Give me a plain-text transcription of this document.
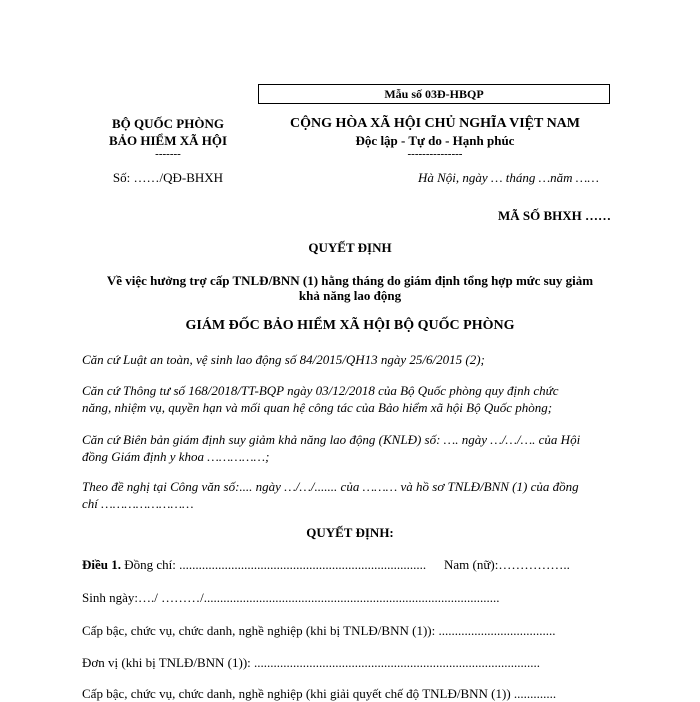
Mẫu số 03Đ-HBQP
BỘ QUỐC PHÒNG
BẢO HIỂM XÃ HỘI
-------
Số: ……/QĐ-BHXH
CỘNG HÒA XÃ HỘI CHỦ NGHĨA VIỆT NAM
Độc lập - Tự do - Hạnh phúc
---------------
Hà Nội, ngày … tháng …năm ……
MÃ SỐ BHXH ……
QUYẾT ĐỊNH
Về việc hưởng trợ cấp TNLĐ/BNN (1) hằng tháng do giám định tổng hợp mức suy giảm
khả năng lao động
GIÁM ĐỐC BẢO HIỂM XÃ HỘI BỘ QUỐC PHÒNG
Căn cứ Luật an toàn, vệ sinh lao động số 84/2015/QH13 ngày 25/6/2015 (2);
Căn cứ Thông tư số 168/2018/TT-BQP ngày 03/12/2018 của Bộ Quốc phòng quy định chức
năng, nhiệm vụ, quyền hạn và mối quan hệ công tác của Bảo hiểm xã hội Bộ Quốc phòng;
Căn cứ Biên bản giám định suy giảm khả năng lao động (KNLĐ) số: …. ngày …/…/…. của Hội
đồng Giám định y khoa ……………;
Theo đề nghị tại Công văn số:.... ngày …/…/....... của ……… và hồ sơ TNLĐ/BNN (1) của đồng
chí ……………………
QUYẾT ĐỊNH:
Điều 1. Đồng chí: ............................................................................ Nam (nữ):……………..
Sinh ngày:…./ ………/...........................................................................................
Cấp bậc, chức vụ, chức danh, nghề nghiệp (khi bị TNLĐ/BNN (1)): ....................................
Đơn vị (khi bị TNLĐ/BNN (1)): ........................................................................................
Cấp bậc, chức vụ, chức danh, nghề nghiệp (khi giải quyết chế độ TNLĐ/BNN (1)) .............
